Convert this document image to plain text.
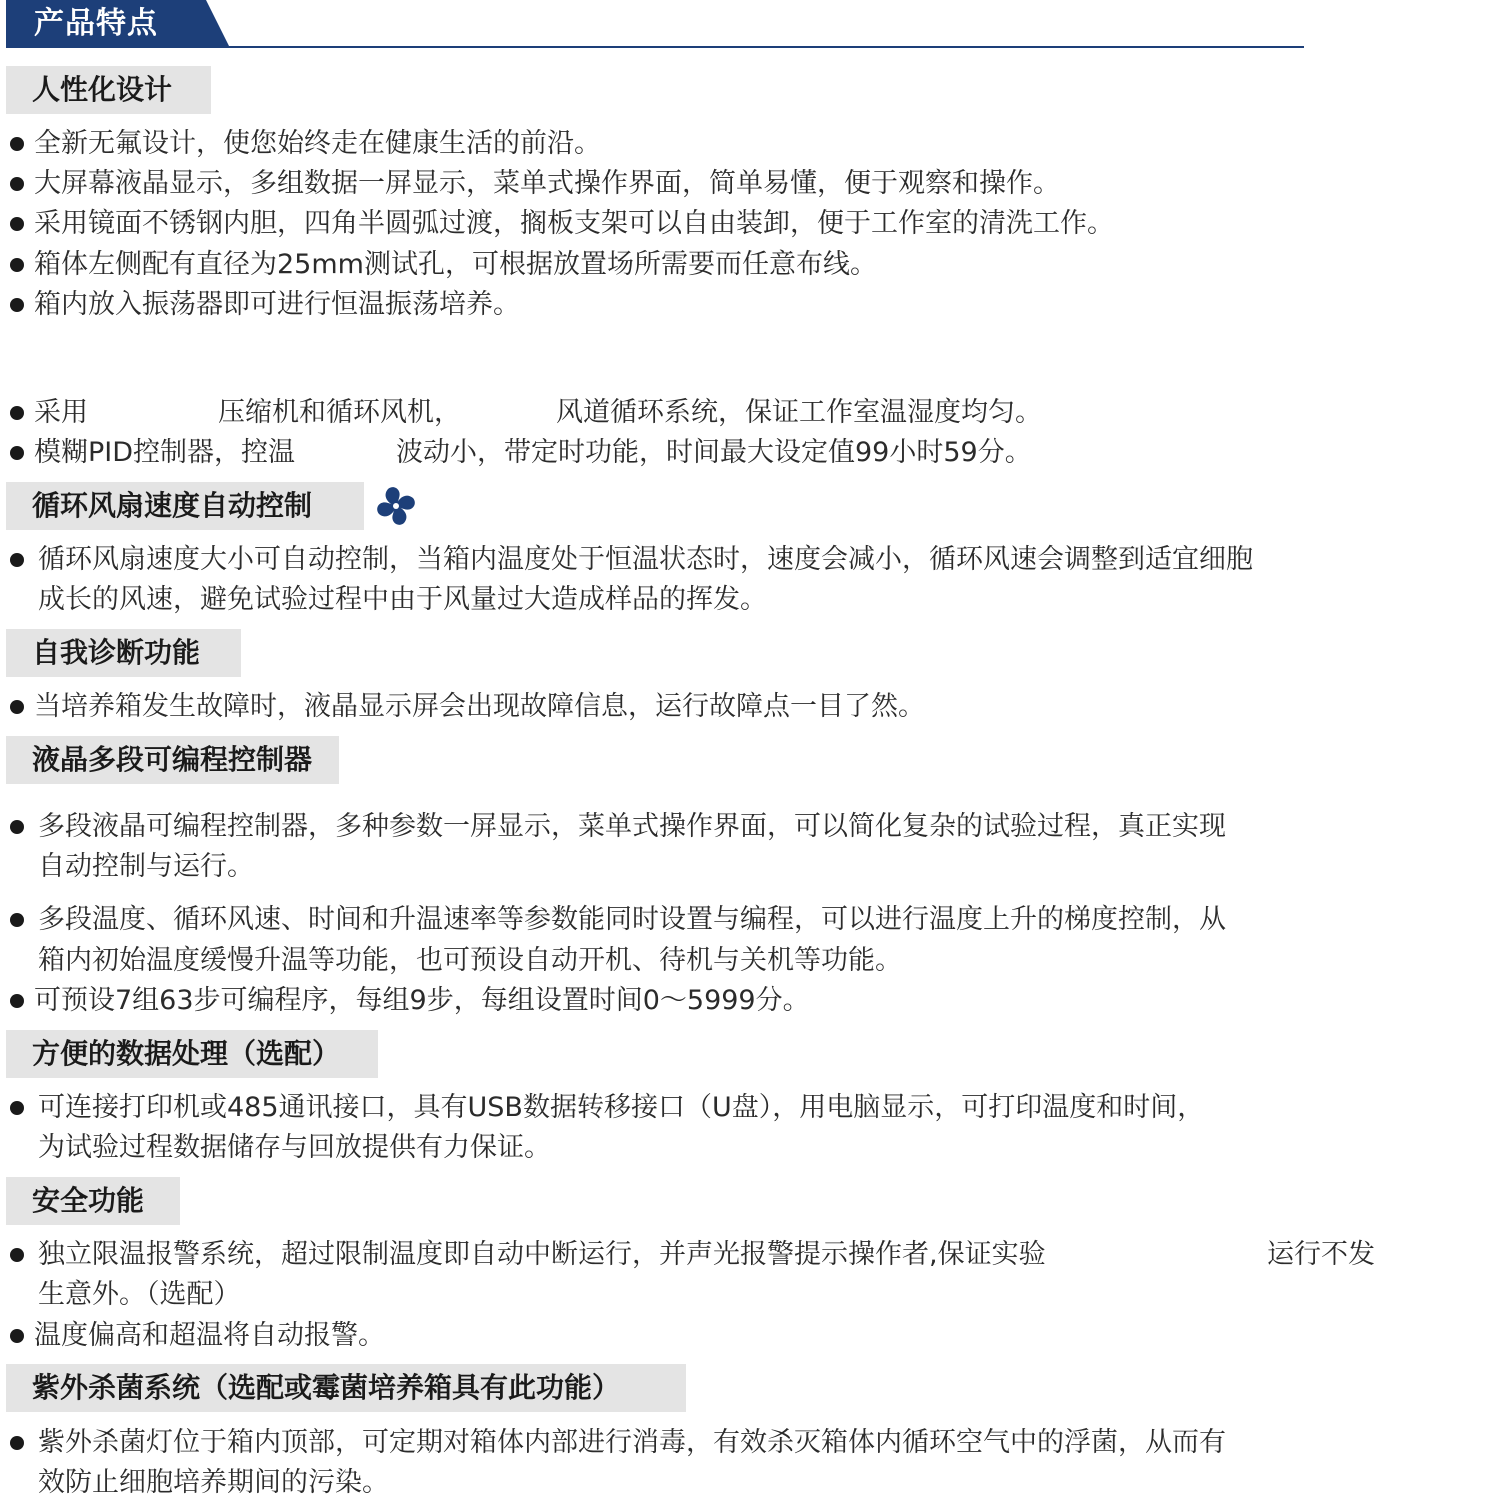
产品特点
人性化设计
全新无氟设计，使您始终走在健康生活的前沿。
大屏幕液晶显示，多组数据一屏显示，菜单式操作界面，简单易懂，便于观察和操作。
采用镜面不锈钢内胆，四角半圆弧过渡，搁板支架可以自由装卸，便于工作室的清洗工作。
箱体左侧配有直径为25mm测试孔，可根据放置场所需要而任意布线。
箱内放入振荡器即可进行恒温振荡培养。
采用	压缩机和循环风机，	风道循环系统，保证工作室温湿度均匀。
模糊PID控制器，控温	波动小，带定时功能，时间最大设定值99小时59分。
循环风扇速度自动控制
循环风扇速度大小可自动控制，当箱内温度处于恒温状态时，速度会减小，循环风速会调整到适宜细胞
成长的风速，避免试验过程中由于风量过大造成样品的挥发。
自我诊断功能
当培养箱发生故障时，液晶显示屏会出现故障信息，运行故障点一目了然。
液晶多段可编程控制器
多段液晶可编程控制器，多种参数一屏显示，菜单式操作界面，可以简化复杂的试验过程，真正实现
自动控制与运行。
多段温度、循环风速、时间和升温速率等参数能同时设置与编程，可以进行温度上升的梯度控制，从
箱内初始温度缓慢升温等功能，也可预设自动开机、待机与关机等功能。
可预设7组63步可编程序，每组9步，每组设置时间0～5999分。
方便的数据处理（选配）
可连接打印机或485通讯接口，具有USB数据转移接口（U盘），用电脑显示，可打印温度和时间，
为试验过程数据储存与回放提供有力保证。
安全功能
独立限温报警系统，超过限制温度即自动中断运行，并声光报警提示操作者,保证实验	运行不发
生意外。（选配）
温度偏高和超温将自动报警。
紫外杀菌系统（选配或霉菌培养箱具有此功能）
紫外杀菌灯位于箱内顶部，可定期对箱体内部进行消毒，有效杀灭箱体内循环空气中的浮菌，从而有
效防止细胞培养期间的污染。
